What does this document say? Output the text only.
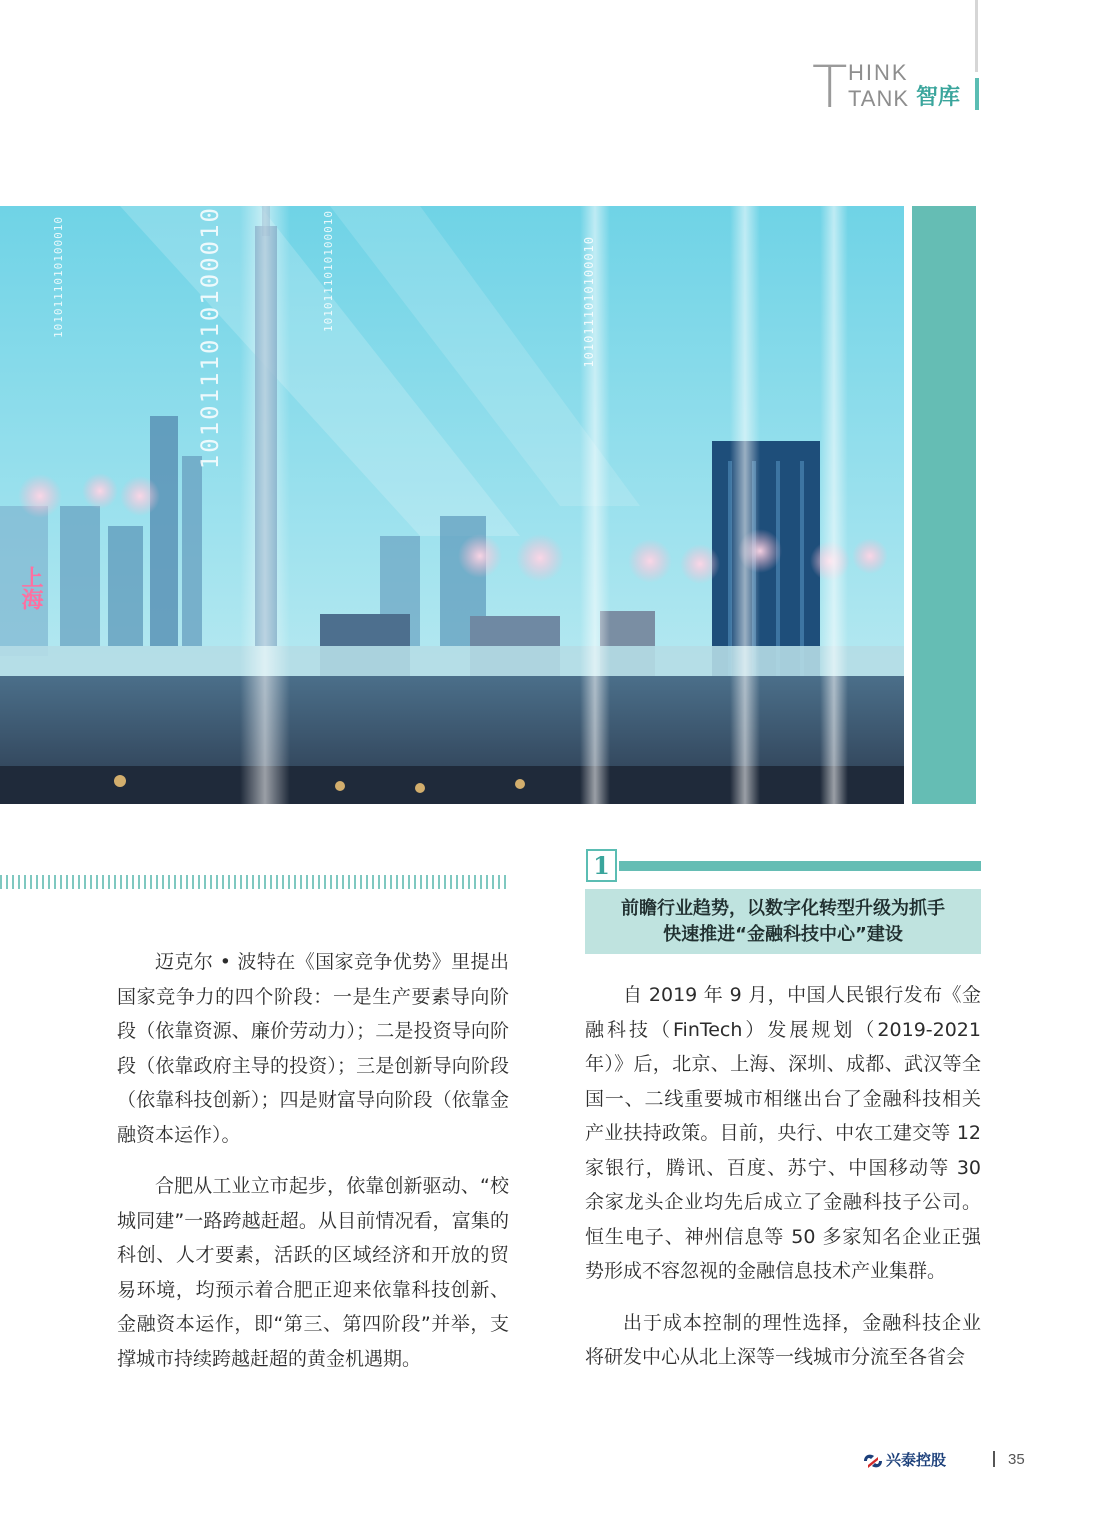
T HINK
TANK 智库
1010111010100010	1010111010100010	1010111010100010	1010111010100010
上海

迈克尔 • 波特在《国家竞争优势》里提出国家竞争力的四个阶段：一是生产要素导向阶段（依靠资源、廉价劳动力）；二是投资导向阶段（依靠政府主导的投资）；三是创新导向阶段（依靠科技创新）；四是财富导向阶段（依靠金融资本运作）。

合肥从工业立市起步，依靠创新驱动、“校城同建”一路跨越赶超。从目前情况看，富集的科创、人才要素，活跃的区域经济和开放的贸易环境，均预示着合肥正迎来依靠科技创新、金融资本运作，即“第三、第四阶段”并举，支撑城市持续跨越赶超的黄金机遇期。

1
前瞻行业趋势，以数字化转型升级为抓手
快速推进“金融科技中心”建设

自 2019 年 9 月，中国人民银行发布《金融科技（FinTech）发展规划（2019-2021 年）》后，北京、上海、深圳、成都、武汉等全国一、二线重要城市相继出台了金融科技相关产业扶持政策。目前，央行、中农工建交等 12 家银行，腾讯、百度、苏宁、中国移动等 30 余家龙头企业均先后成立了金融科技子公司。恒生电子、神州信息等 50 多家知名企业正强势形成不容忽视的金融信息技术产业集群。

出于成本控制的理性选择，金融科技企业将研发中心从北上深等一线城市分流至各省会

兴泰控股	35
